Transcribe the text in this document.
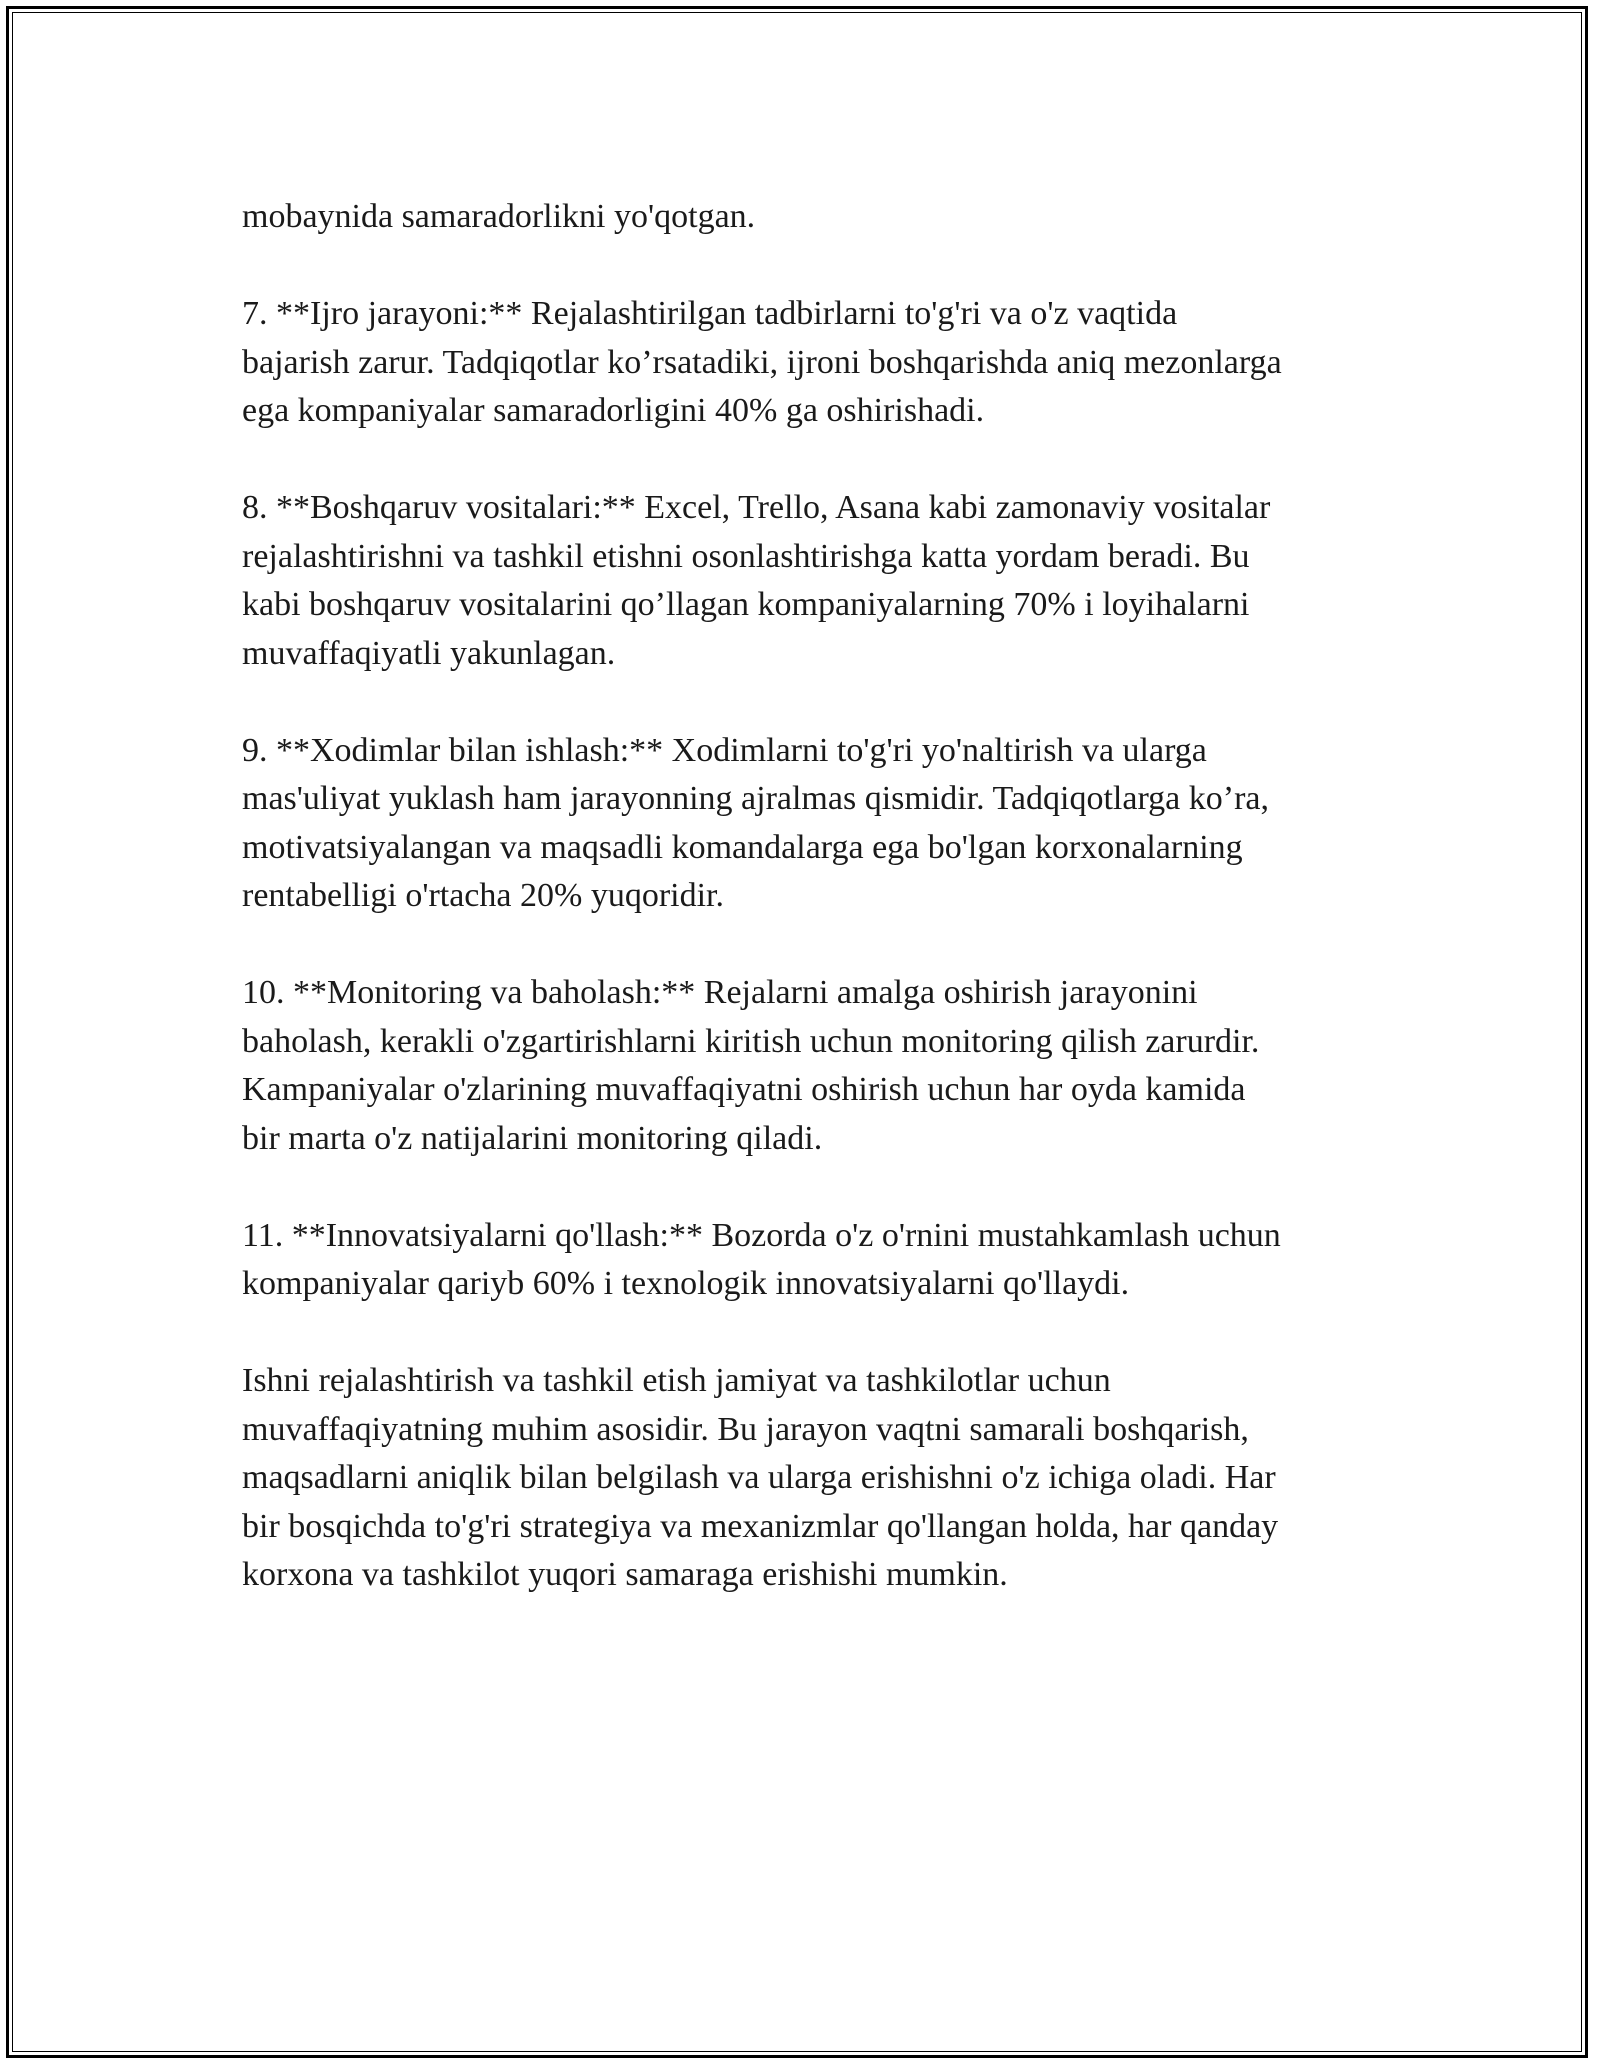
mobaynida samaradorlikni yo'qotgan.

7. **Ijro jarayoni:** Rejalashtirilgan tadbirlarni to'g'ri va o'z vaqtida
bajarish zarur. Tadqiqotlar ko’rsatadiki, ijroni boshqarishda aniq mezonlarga
ega kompaniyalar samaradorligini 40% ga oshirishadi.

8. **Boshqaruv vositalari:** Excel, Trello, Asana kabi zamonaviy vositalar
rejalashtirishni va tashkil etishni osonlashtirishga katta yordam beradi. Bu
kabi boshqaruv vositalarini qo’llagan kompaniyalarning 70% i loyihalarni
muvaffaqiyatli yakunlagan.

9. **Xodimlar bilan ishlash:** Xodimlarni to'g'ri yo'naltirish va ularga
mas'uliyat yuklash ham jarayonning ajralmas qismidir. Tadqiqotlarga ko’ra,
motivatsiyalangan va maqsadli komandalarga ega bo'lgan korxonalarning
rentabelligi o'rtacha 20% yuqoridir.

10. **Monitoring va baholash:** Rejalarni amalga oshirish jarayonini
baholash, kerakli o'zgartirishlarni kiritish uchun monitoring qilish zarurdir.
Kampaniyalar o'zlarining muvaffaqiyatni oshirish uchun har oyda kamida
bir marta o'z natijalarini monitoring qiladi.

11. **Innovatsiyalarni qo'llash:** Bozorda o'z o'rnini mustahkamlash uchun
kompaniyalar qariyb 60% i texnologik innovatsiyalarni qo'llaydi.

Ishni rejalashtirish va tashkil etish jamiyat va tashkilotlar uchun
muvaffaqiyatning muhim asosidir. Bu jarayon vaqtni samarali boshqarish,
maqsadlarni aniqlik bilan belgilash va ularga erishishni o'z ichiga oladi. Har
bir bosqichda to'g'ri strategiya va mexanizmlar qo'llangan holda, har qanday
korxona va tashkilot yuqori samaraga erishishi mumkin.
